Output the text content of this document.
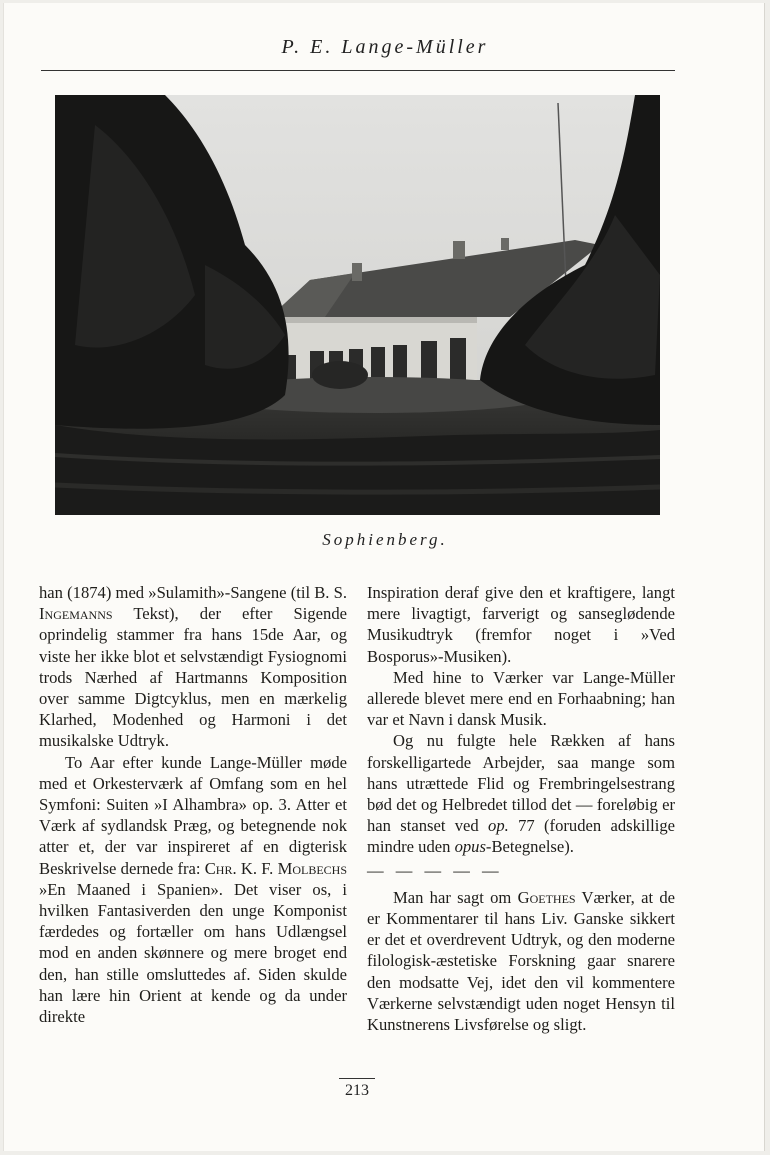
P. E. Lange-Müller
Sophienberg.

han (1874) med »Sulamith»-Sangene (til B. S. Ingemanns Tekst), der efter Sigende oprindelig stammer fra hans 15de Aar, og viste her ikke blot et selvstændigt Fysiognomi trods Nærhed af Hartmanns Komposition over samme Digtcyklus, men en mærkelig Klarhed, Modenhed og Harmoni i det musikalske Udtryk.

To Aar efter kunde Lange-Müller møde med et Orkesterværk af Omfang som en hel Symfoni: Suiten »I Alhambra» op. 3. Atter et Værk af sydlandsk Præg, og betegnende nok atter et, der var inspireret af en digterisk Beskrivelse dernede fra: Chr. K. F. Molbechs »En Maaned i Spanien». Det viser os, i hvilken Fantasiverden den unge Komponist færdedes og fortæller om hans Udlængsel mod en anden skønnere og mere broget end den, han stille omsluttedes af. Siden skulde han lære hin Orient at kende og da under direkte

Inspiration deraf give den et kraftigere, langt mere livagtigt, farverigt og sanseglødende Musikudtryk (fremfor noget i »Ved Bosporus»-Musiken).

Med hine to Værker var Lange-Müller allerede blevet mere end en Forhaabning; han var et Navn i dansk Musik.

Og nu fulgte hele Rækken af hans forskelligartede Arbejder, saa mange som hans utrættede Flid og Frembringelsestrang bød det og Helbredet tillod det — foreløbig er han stanset ved op. 77 (foruden adskillige mindre uden opus-Betegnelse).

— — — — —

Man har sagt om Goethes Værker, at de er Kommentarer til hans Liv. Ganske sikkert er det et overdrevent Udtryk, og den moderne filologisk-æstetiske Forskning gaar snarere den modsatte Vej, idet den vil kommentere Værkerne selvstændigt uden noget Hensyn til Kunstnerens Livsførelse og sligt.

213
